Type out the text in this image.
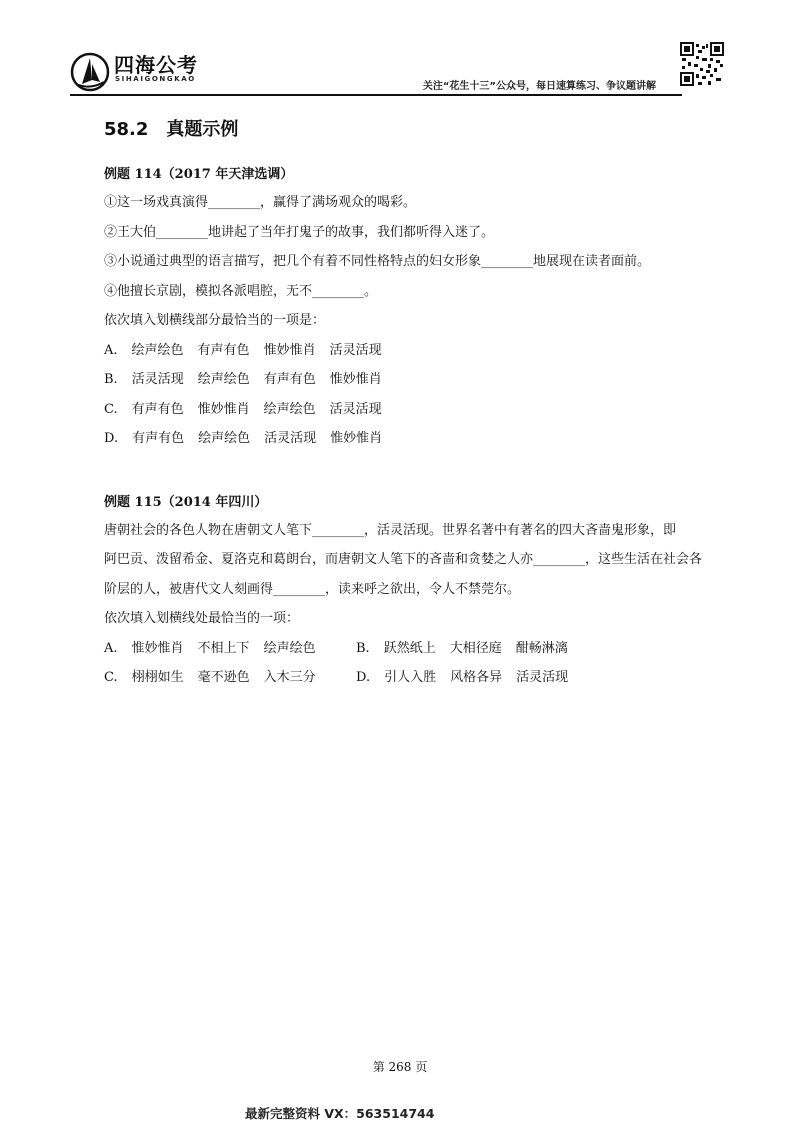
四海公考
SIHAIGONGKAO
关注“花生十三”公众号，每日速算练习、争议题讲解
58.2 真题示例
例题 114（2017 年天津选调）
①这一场戏真演得________，赢得了满场观众的喝彩。
②王大伯________地讲起了当年打鬼子的故事，我们都听得入迷了。
③小说通过典型的语言描写，把几个有着不同性格特点的妇女形象________地展现在读者面前。
④他擅长京剧，模拟各派唱腔，无不________。
依次填入划横线部分最恰当的一项是：
A. 绘声绘色 有声有色 惟妙惟肖 活灵活现
B. 活灵活现 绘声绘色 有声有色 惟妙惟肖
C. 有声有色 惟妙惟肖 绘声绘色 活灵活现
D. 有声有色 绘声绘色 活灵活现 惟妙惟肖
例题 115（2014 年四川）
唐朝社会的各色人物在唐朝文人笔下________，活灵活现。世界名著中有著名的四大吝啬鬼形象，即
阿巴贡、泼留希金、夏洛克和葛朗台，而唐朝文人笔下的吝啬和贪婪之人亦________，这些生活在社会各
阶层的人，被唐代文人刻画得________，读来呼之欲出，令人不禁莞尔。
依次填入划横线处最恰当的一项：
A. 惟妙惟肖 不相上下 绘声绘色	B. 跃然纸上 大相径庭 酣畅淋漓
C. 栩栩如生 毫不逊色 入木三分	D. 引人入胜 风格各异 活灵活现
第 268 页
最新完整资料 VX：563514744
